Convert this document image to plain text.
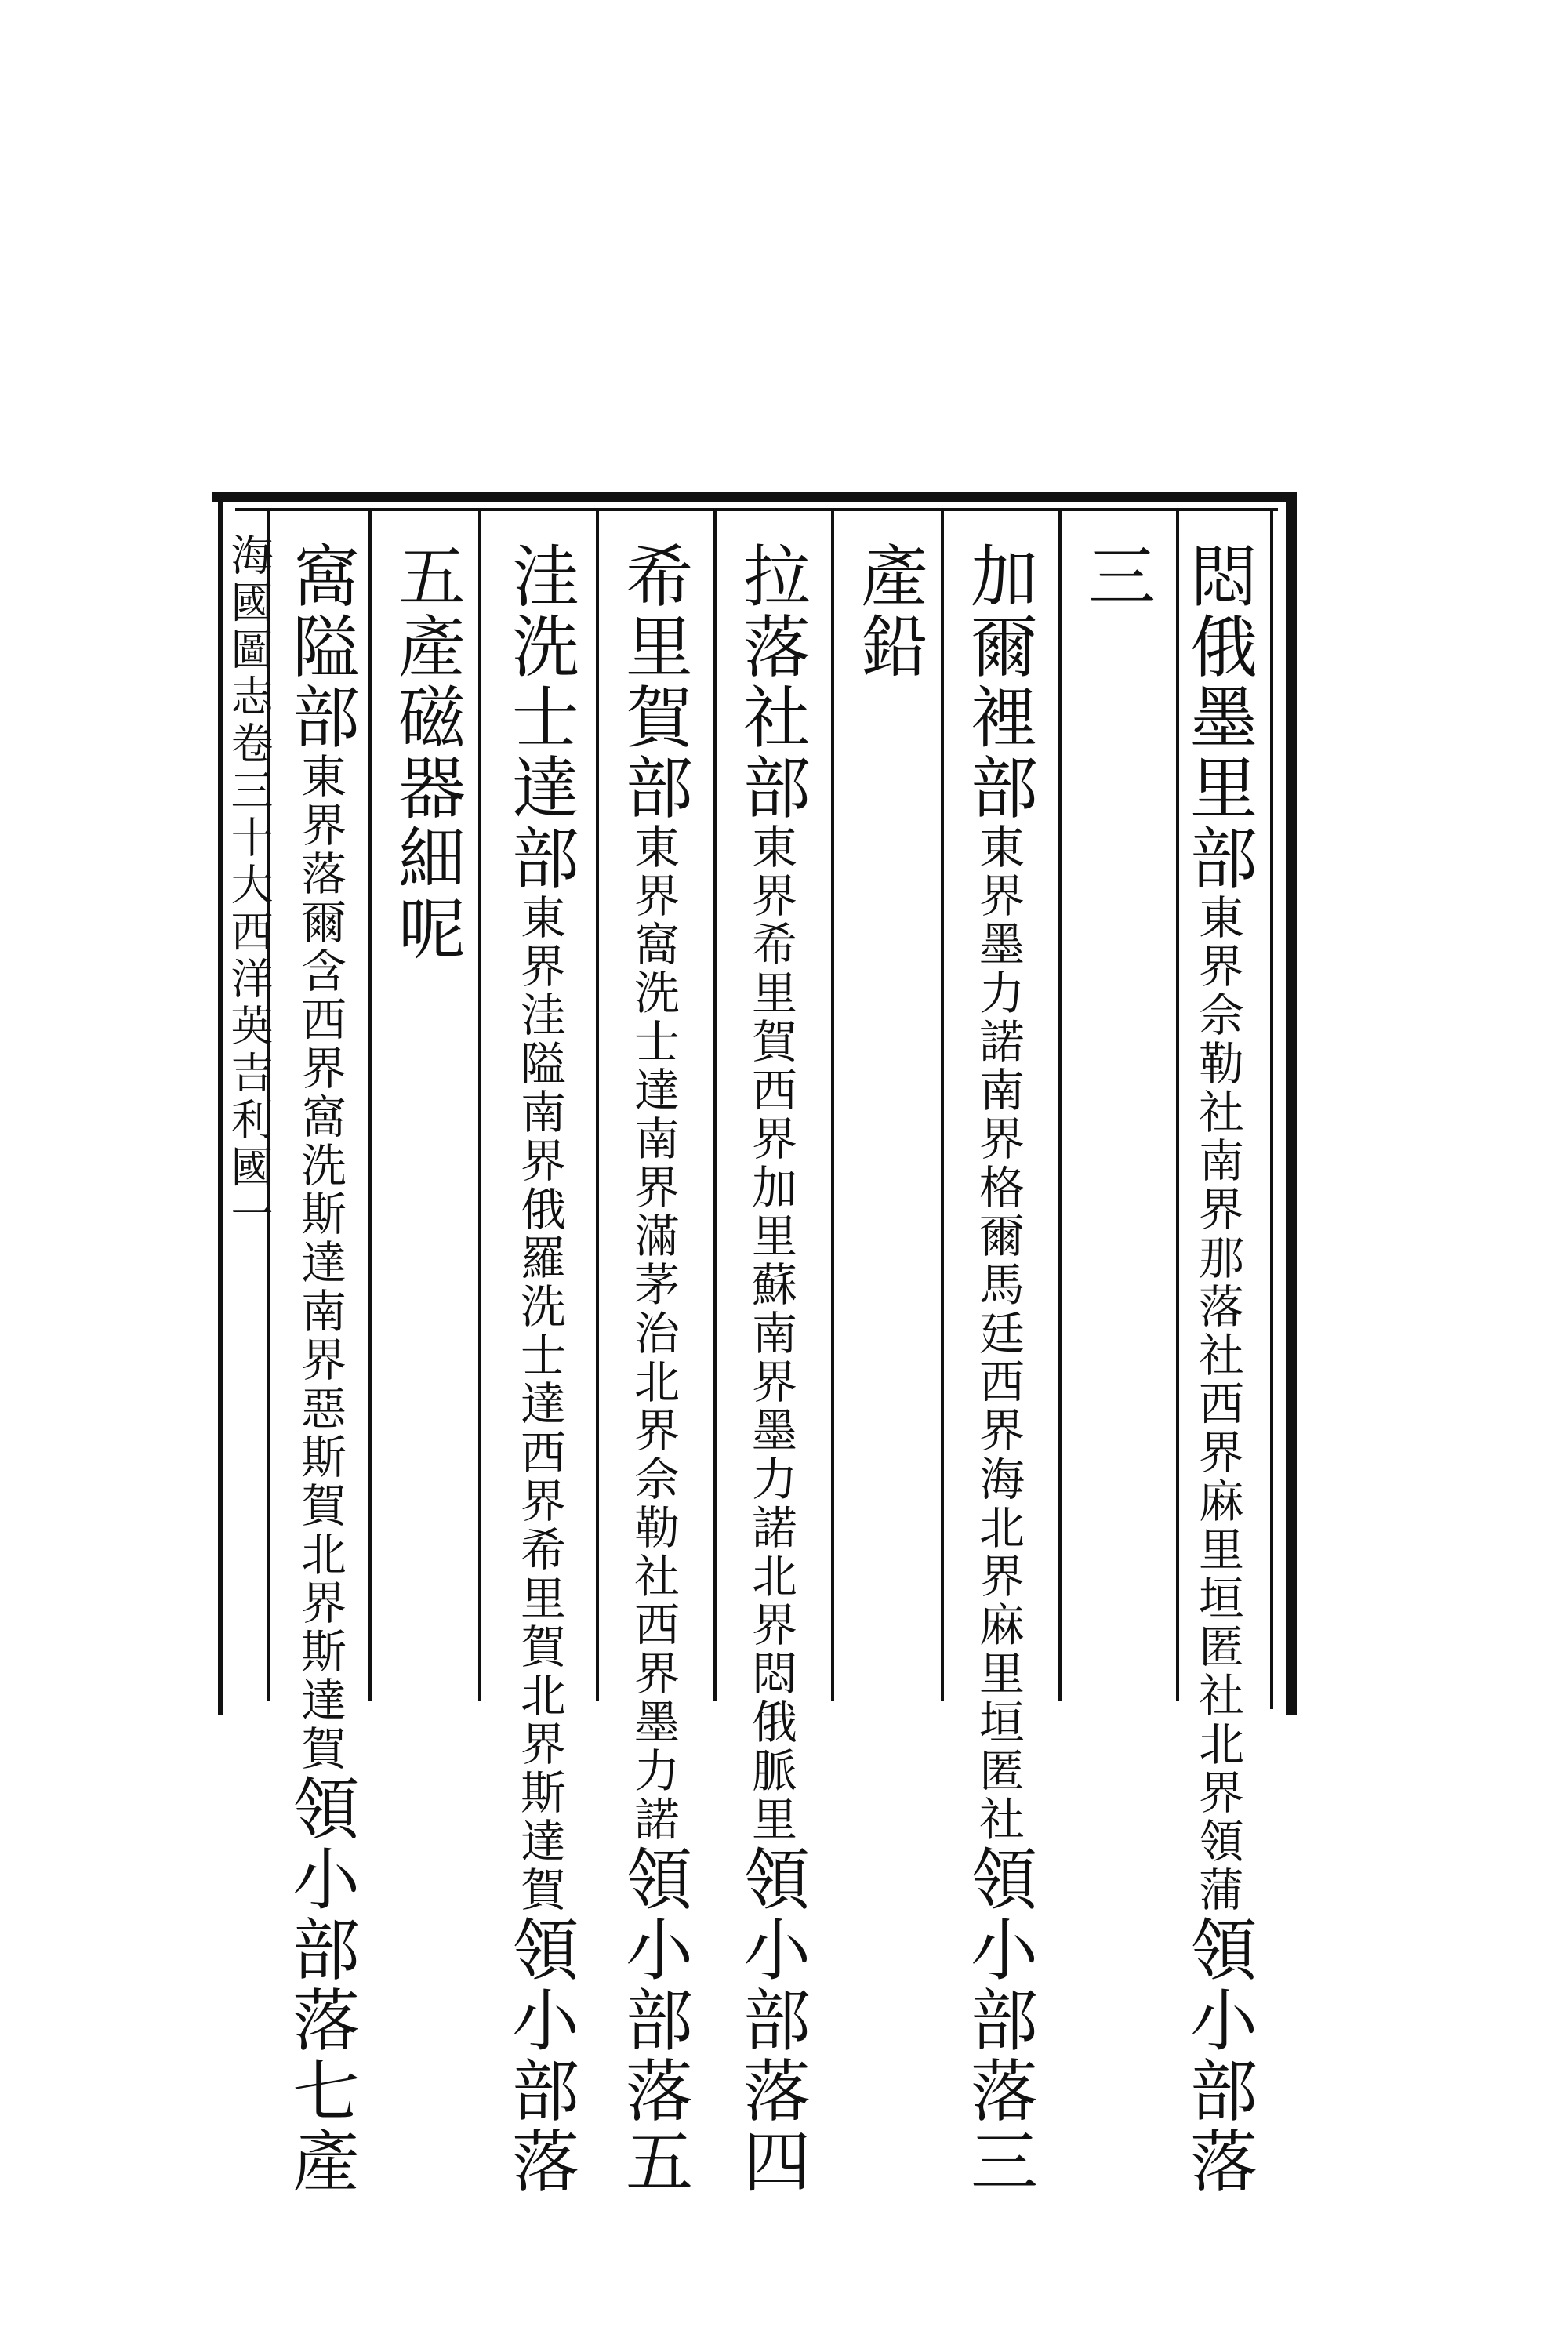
悶俄墨里部東界佘勒社南界那落社西界麻里垣匿社北界領蒲領小部落
三
加爾裡部東界墨力諾南界格爾馬廷西界海北界麻里垣匿社領小部落三
產鉛
拉落社部東界希里賀西界加里蘇南界墨力諾北界悶俄脈里領小部落四
希里賀部東界窩洗士達南界滿茅治北界佘勒社西界墨力諾領小部落五
洼洗士達部東界洼隘南界俄羅洗士達西界希里賀北界斯達賀領小部落
五產磁器細呢
窩隘部東界落爾含西界窩洗斯達南界惡斯賀北界斯達賀領小部落七產
海國圖志卷三十大西洋英吉利國一
